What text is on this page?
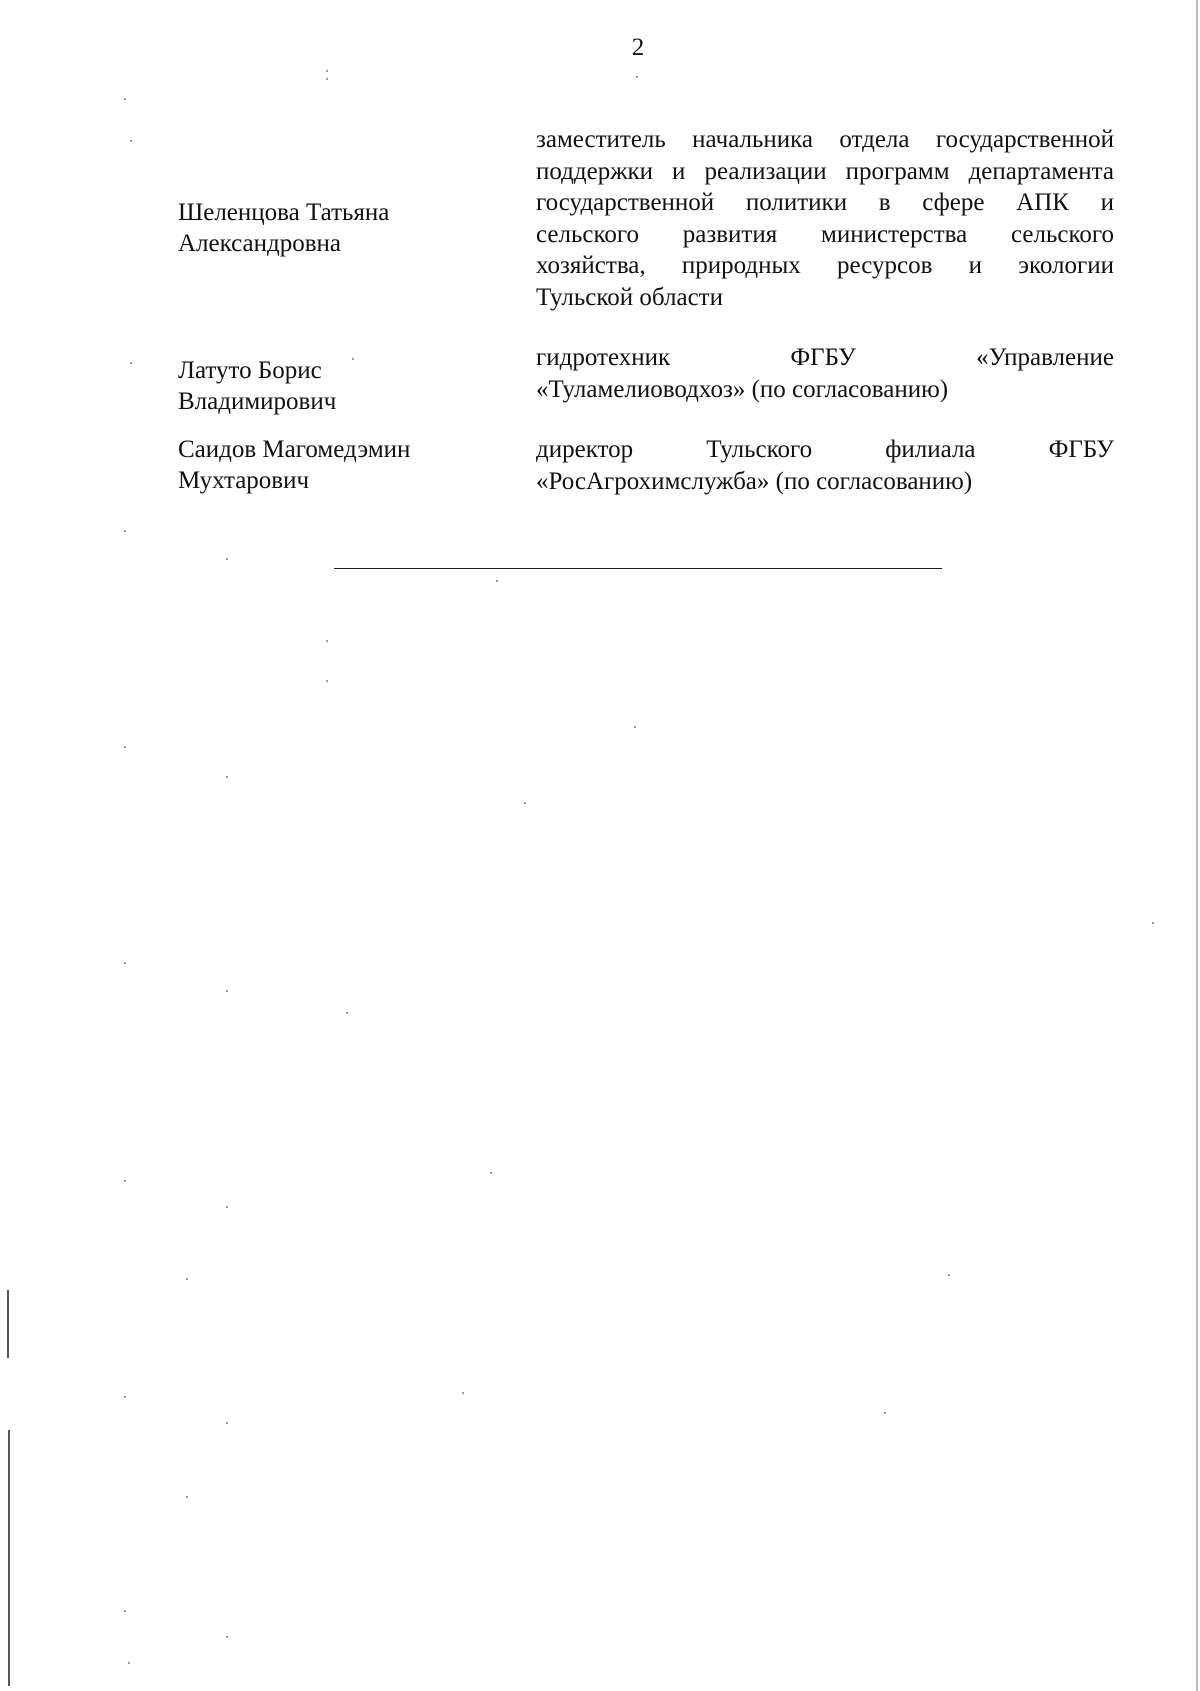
2
Шеленцова Татьяна
Александровна
заместитель начальника отдела государственной
поддержки и реализации программ департамента
государственной политики в сфере АПК и
сельского развития министерства сельского
хозяйства, природных ресурсов и экологии
Тульской области
Латуто Борис
Владимирович
гидротехник ФГБУ «Управление
«Туламелиоводхоз» (по согласованию)
Саидов Магомедэмин
Мухтарович
директор Тульского филиала ФГБУ
«РосАгрохимслужба» (по согласованию)
